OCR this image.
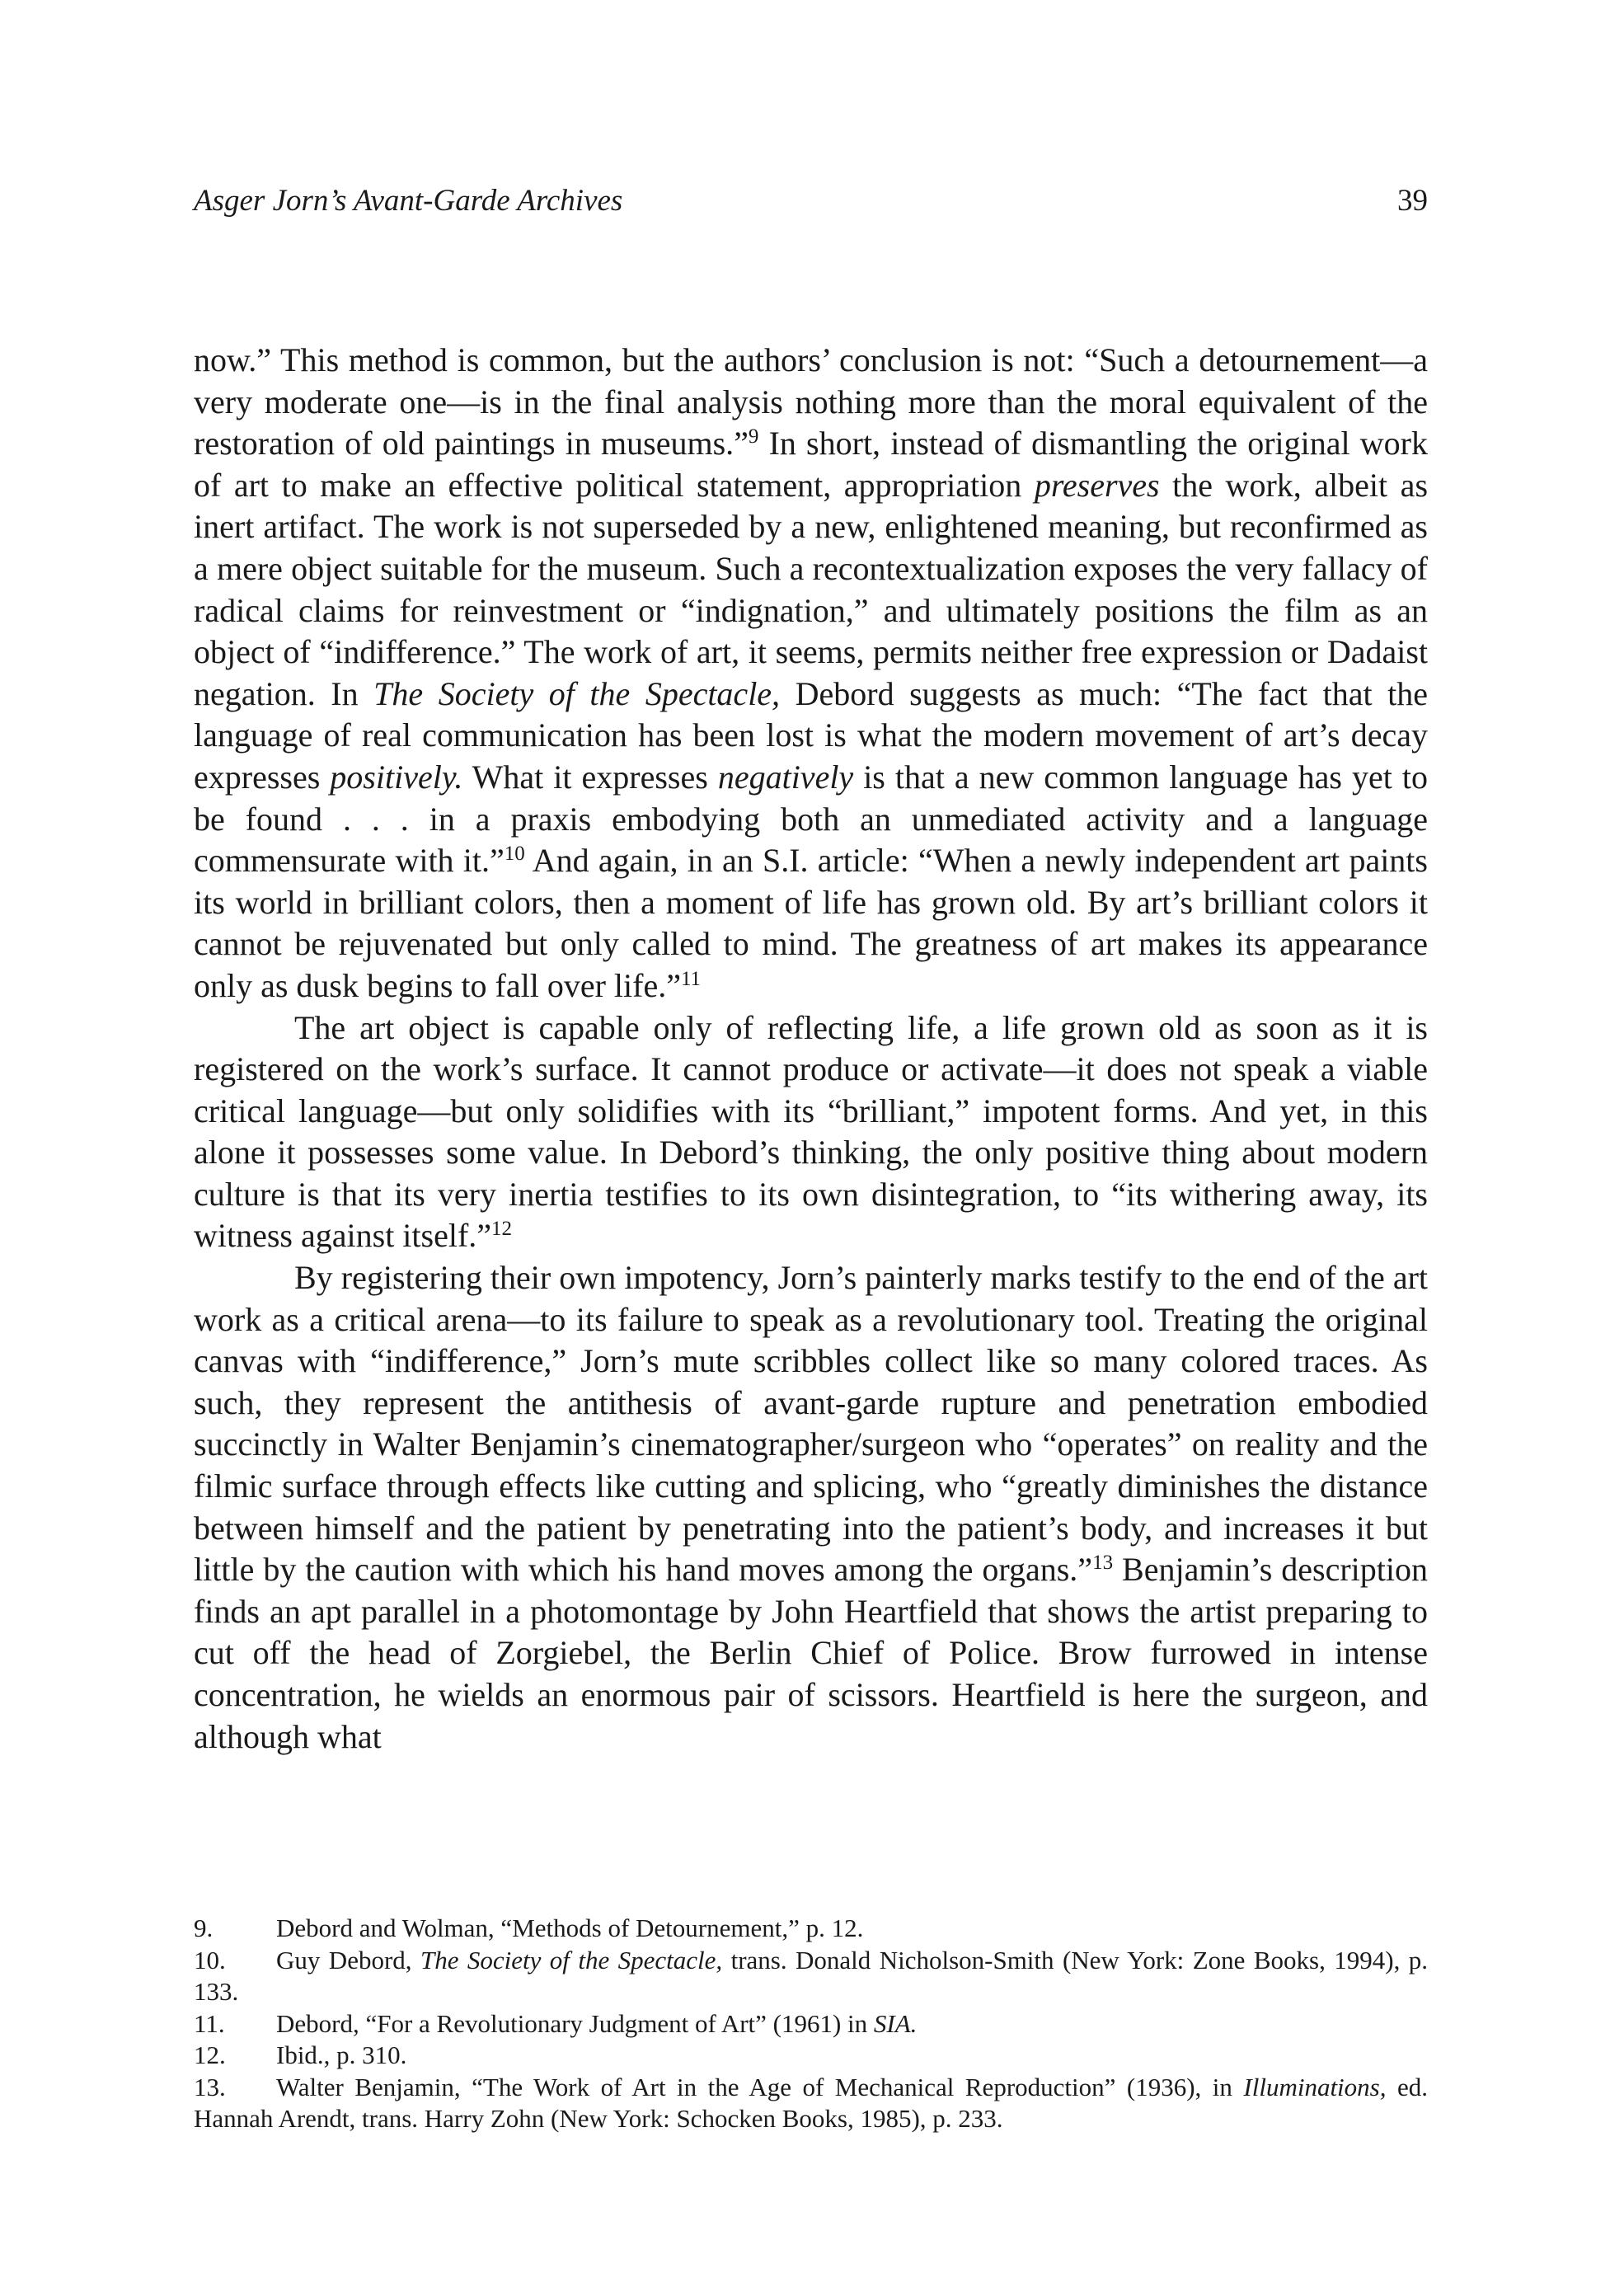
Asger Jorn’s Avant-Garde Archives	39

now.” This method is common, but the authors’ conclusion is not: “Such a detournement—a very moderate one—is in the final analysis nothing more than the moral equivalent of the restoration of old paintings in museums.”$^9$ In short, instead of dismantling the original work of art to make an effective political statement, appropriation preserves the work, albeit as inert artifact. The work is not superseded by a new, enlightened meaning, but reconfirmed as a mere object suitable for the museum. Such a recontextualization exposes the very fallacy of radical claims for reinvestment or “indignation,” and ultimately positions the film as an object of “indifference.” The work of art, it seems, permits neither free expression or Dadaist negation. In The Society of the Spectacle, Debord suggests as much: “The fact that the language of real communication has been lost is what the modern movement of art’s decay expresses positively. What it expresses negatively is that a new common language has yet to be found . . . in a praxis embodying both an unmediated activity and a language commensurate with it.”$^{10}$ And again, in an S.I. article: “When a newly independent art paints its world in brilliant colors, then a moment of life has grown old. By art’s brilliant colors it cannot be rejuvenated but only called to mind. The greatness of art makes its appearance only as dusk begins to fall over life.”$^{11}$

The art object is capable only of reflecting life, a life grown old as soon as it is registered on the work’s surface. It cannot produce or activate—it does not speak a viable critical language—but only solidifies with its “brilliant,” impotent forms. And yet, in this alone it possesses some value. In Debord’s thinking, the only positive thing about modern culture is that its very inertia testifies to its own disintegration, to “its withering away, its witness against itself.”$^{12}$

By registering their own impotency, Jorn’s painterly marks testify to the end of the art work as a critical arena—to its failure to speak as a revolutionary tool. Treating the original canvas with “indifference,” Jorn’s mute scribbles collect like so many colored traces. As such, they represent the antithesis of avant-garde rupture and penetration embodied succinctly in Walter Benjamin’s cinematographer/surgeon who “operates” on reality and the filmic surface through effects like cutting and splicing, who “greatly diminishes the distance between himself and the patient by penetrating into the patient’s body, and increases it but little by the caution with which his hand moves among the organs.”$^{13}$ Benjamin’s description finds an apt parallel in a photomontage by John Heartfield that shows the artist preparing to cut off the head of Zorgiebel, the Berlin Chief of Police. Brow furrowed in intense concentration, he wields an enormous pair of scissors. Heartfield is here the surgeon, and although what

9. Debord and Wolman, “Methods of Detournement,” p. 12.
10. Guy Debord, The Society of the Spectacle, trans. Donald Nicholson-Smith (New York: Zone Books, 1994), p. 133.
11. Debord, “For a Revolutionary Judgment of Art” (1961) in SIA.
12. Ibid., p. 310.
13. Walter Benjamin, “The Work of Art in the Age of Mechanical Reproduction” (1936), in Illuminations, ed. Hannah Arendt, trans. Harry Zohn (New York: Schocken Books, 1985), p. 233.
